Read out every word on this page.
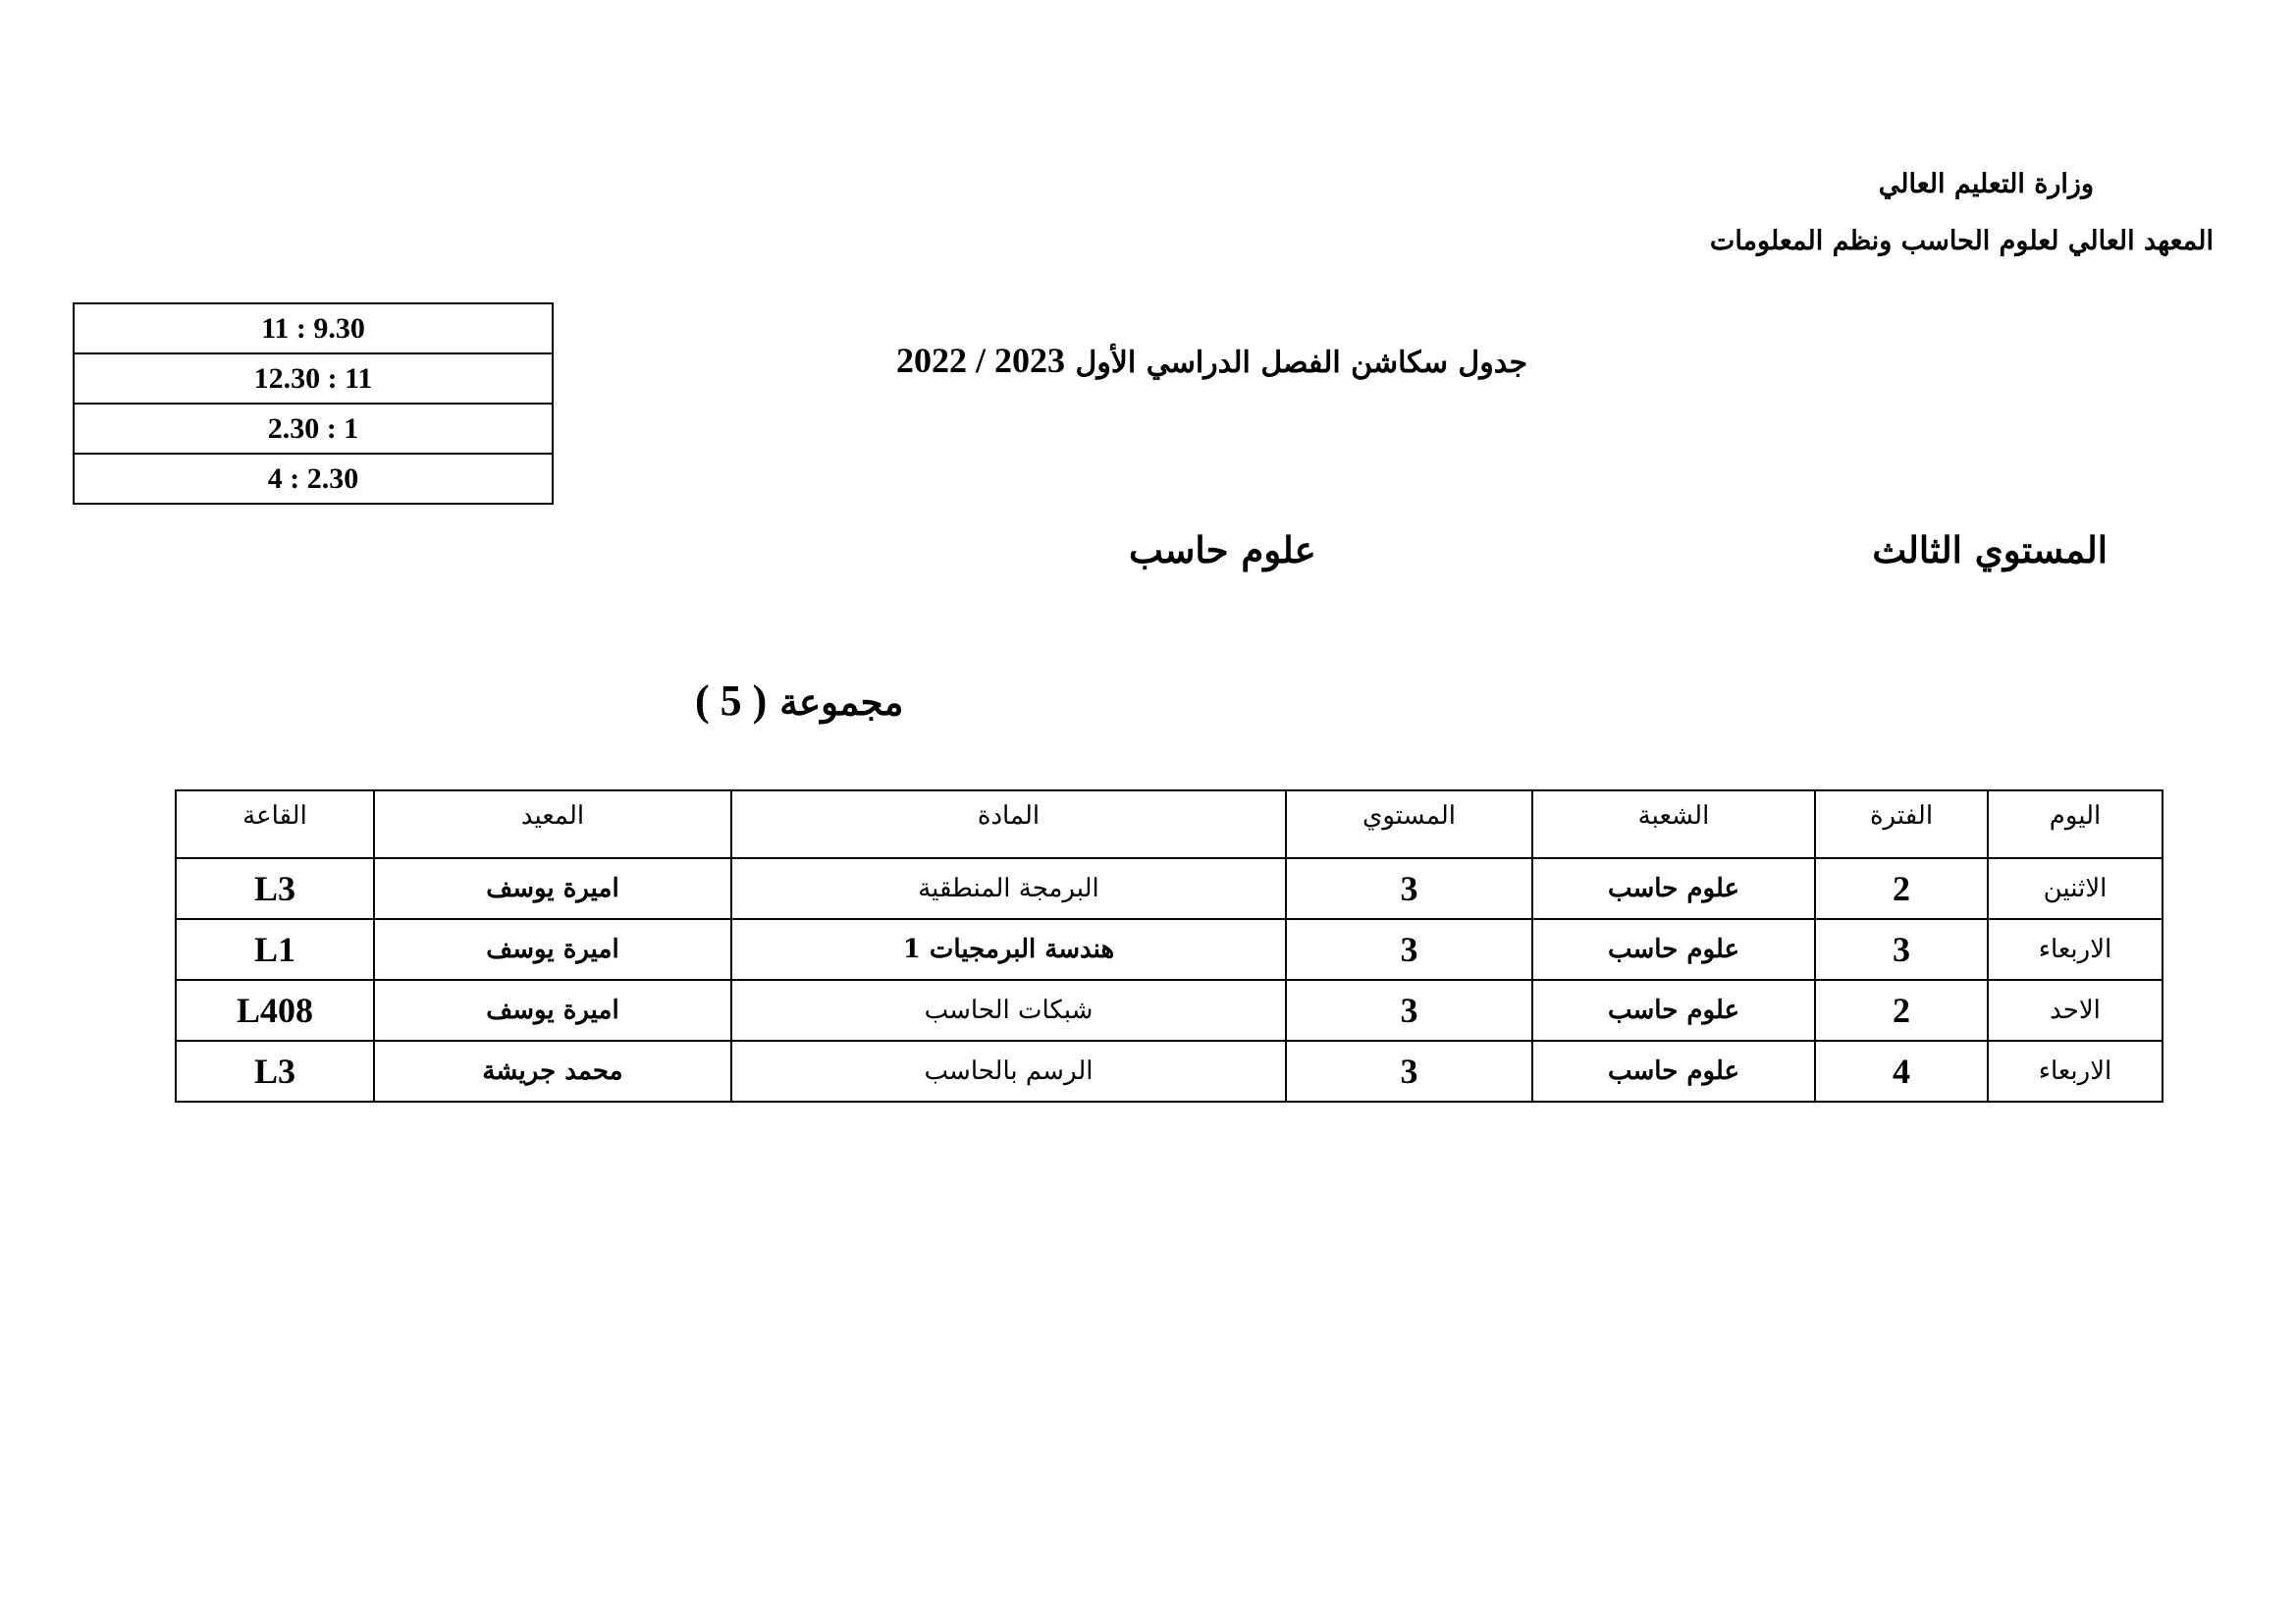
وزارة التعليم العالي
المعهد العالي لعلوم الحاسب ونظم المعلومات
11 : 9.30
12.30 : 11
2.30 : 1
4 : 2.30
جدول سكاشن الفصل الدراسي الأول 2022 / 2023
المستوي الثالث
علوم حاسب
مجموعة ( 5 )
اليوم	الفترة	الشعبة	المستوي	المادة	المعيد	القاعة
الاثنين	2	علوم حاسب	3	البرمجة المنطقية	اميرة يوسف	L3
الاربعاء	3	علوم حاسب	3	هندسة البرمجيات 1	اميرة يوسف	L1
الاحد	2	علوم حاسب	3	شبكات الحاسب	اميرة يوسف	L408
الاربعاء	4	علوم حاسب	3	الرسم بالحاسب	محمد جريشة	L3
